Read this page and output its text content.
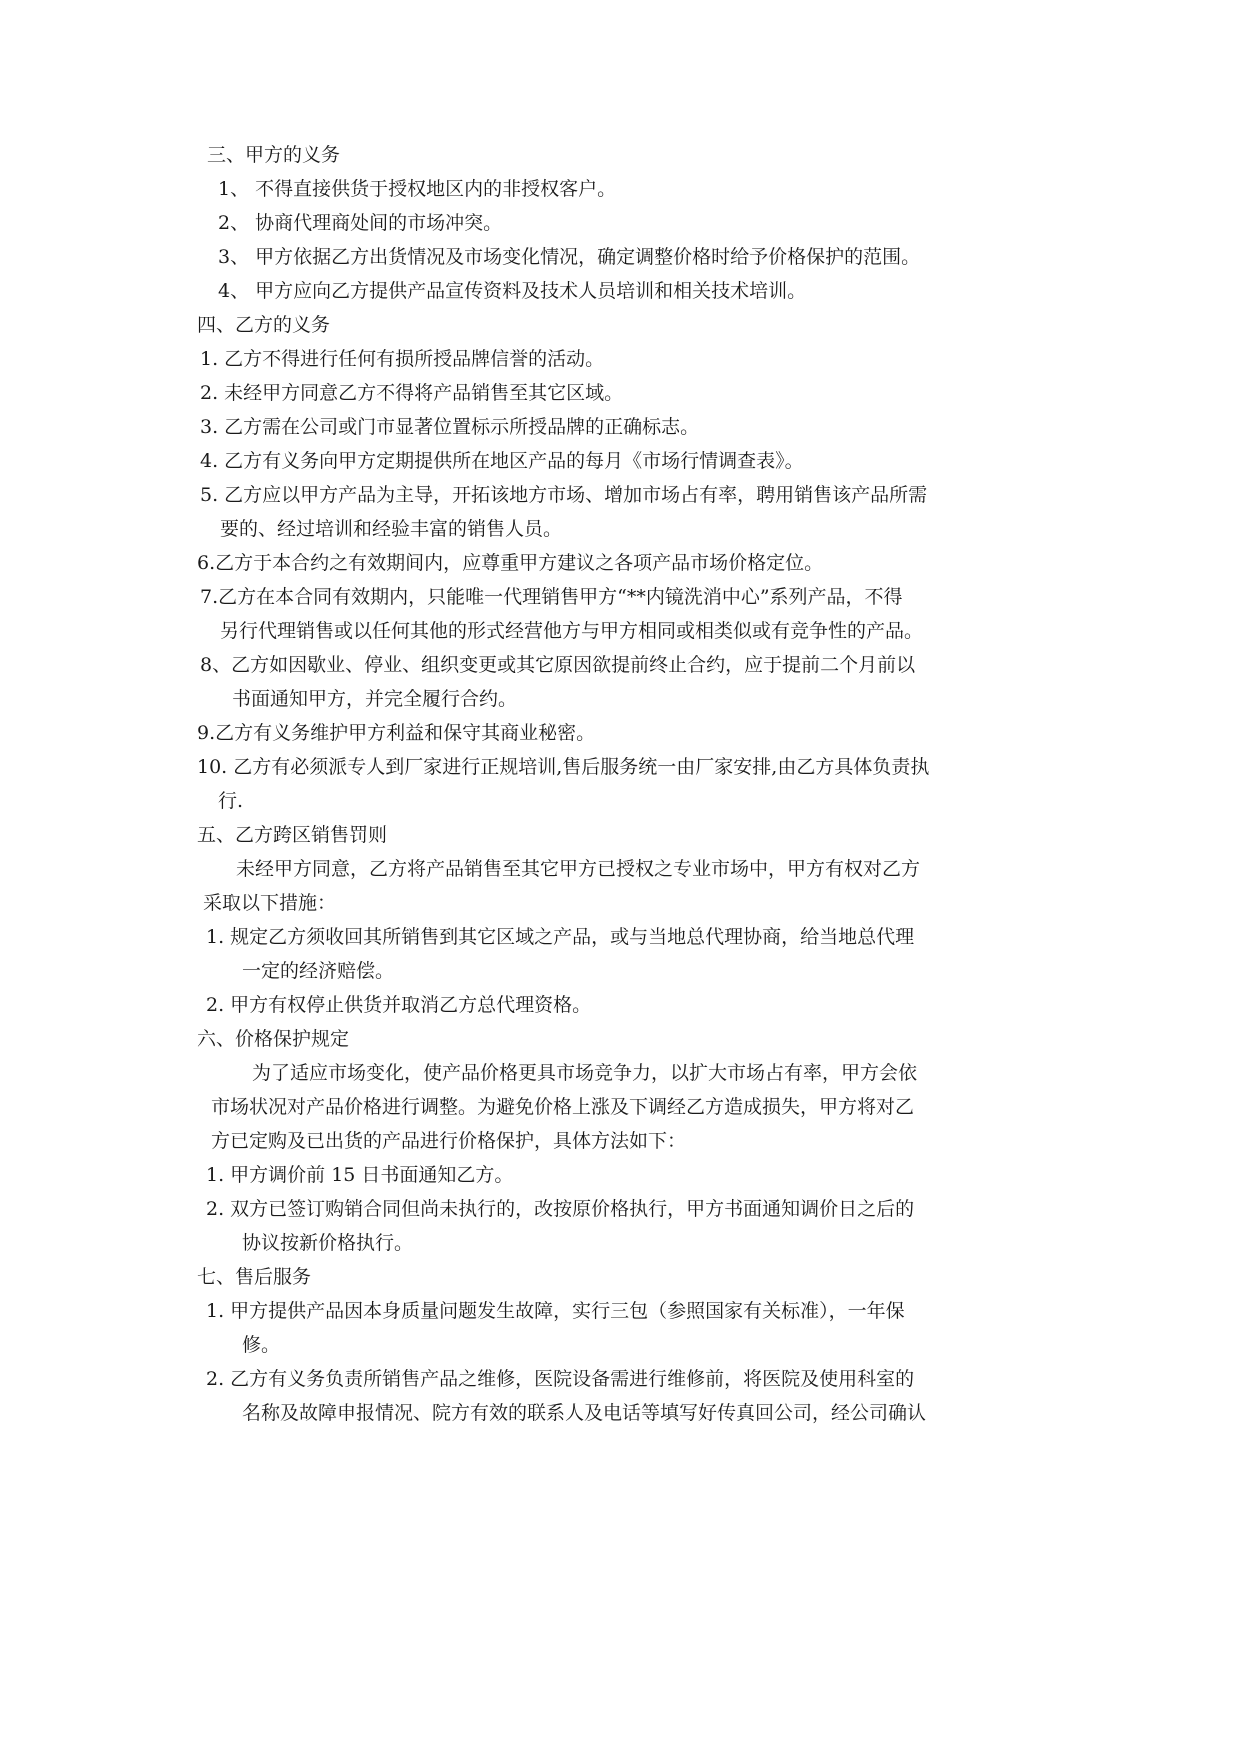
三、甲方的义务
1、 不得直接供货于授权地区内的非授权客户。
2、 协商代理商处间的市场冲突。
3、 甲方依据乙方出货情况及市场变化情况，确定调整价格时给予价格保护的范围。
4、 甲方应向乙方提供产品宣传资料及技术人员培训和相关技术培训。
四、乙方的义务
1. 乙方不得进行任何有损所授品牌信誉的活动。
2. 未经甲方同意乙方不得将产品销售至其它区域。
3. 乙方需在公司或门市显著位置标示所授品牌的正确标志。
4. 乙方有义务向甲方定期提供所在地区产品的每月《市场行情调查表》。
5. 乙方应以甲方产品为主导，开拓该地方市场、增加市场占有率，聘用销售该产品所需
要的、经过培训和经验丰富的销售人员。
6.乙方于本合约之有效期间内，应尊重甲方建议之各项产品市场价格定位。
7.乙方在本合同有效期内，只能唯一代理销售甲方“**内镜洗消中心”系列产品，不得
另行代理销售或以任何其他的形式经营他方与甲方相同或相类似或有竞争性的产品。
8、乙方如因歇业、停业、组织变更或其它原因欲提前终止合约，应于提前二个月前以
书面通知甲方，并完全履行合约。
9.乙方有义务维护甲方利益和保守其商业秘密。
10. 乙方有必须派专人到厂家进行正规培训,售后服务统一由厂家安排,由乙方具体负责执
行.
五、乙方跨区销售罚则
未经甲方同意，乙方将产品销售至其它甲方已授权之专业市场中，甲方有权对乙方
采取以下措施：
1. 规定乙方须收回其所销售到其它区域之产品，或与当地总代理协商，给当地总代理
一定的经济赔偿。
2. 甲方有权停止供货并取消乙方总代理资格。
六、价格保护规定
为了适应市场变化，使产品价格更具市场竞争力，以扩大市场占有率，甲方会依
市场状况对产品价格进行调整。为避免价格上涨及下调经乙方造成损失，甲方将对乙
方已定购及已出货的产品进行价格保护，具体方法如下：
1. 甲方调价前 15 日书面通知乙方。
2. 双方已签订购销合同但尚未执行的，改按原价格执行，甲方书面通知调价日之后的
协议按新价格执行。
七、售后服务
1. 甲方提供产品因本身质量问题发生故障，实行三包（参照国家有关标准），一年保
修。
2. 乙方有义务负责所销售产品之维修，医院设备需进行维修前，将医院及使用科室的
名称及故障申报情况、院方有效的联系人及电话等填写好传真回公司，经公司确认
